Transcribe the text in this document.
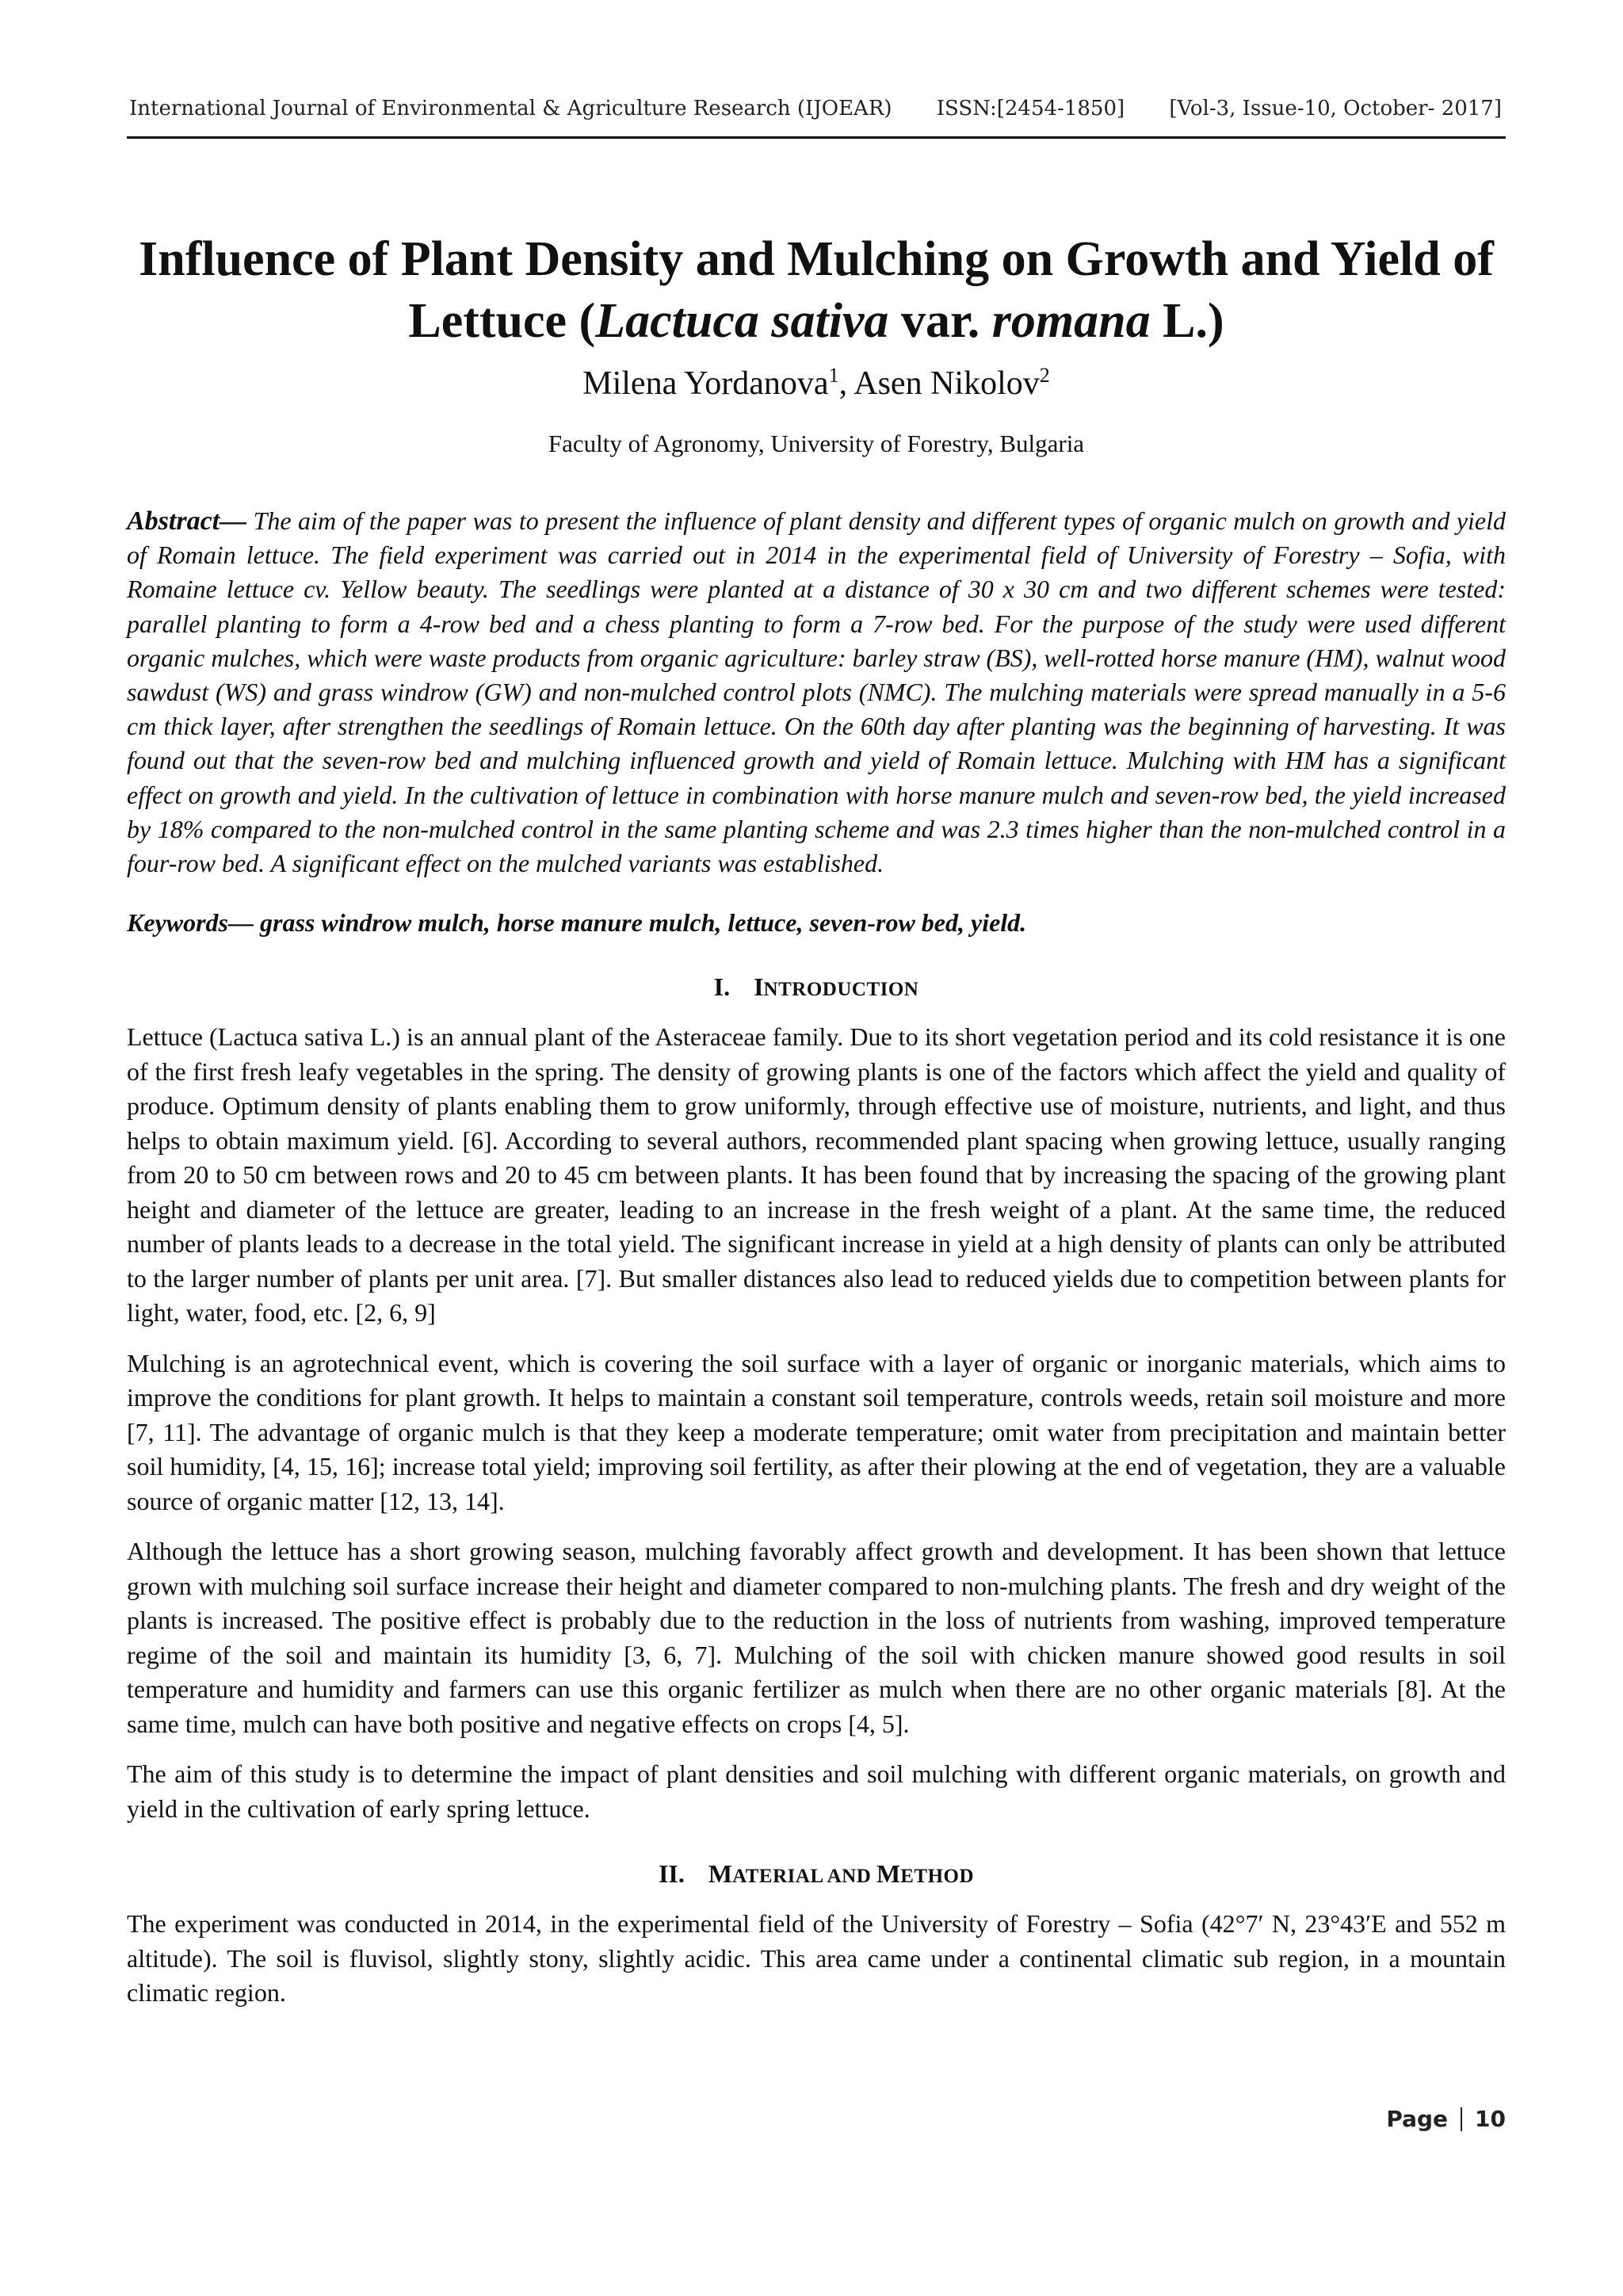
International Journal of Environmental & Agriculture Research (IJOEAR) ISSN:[2454-1850] [Vol-3, Issue-10, October- 2017]
Influence of Plant Density and Mulching on Growth and Yield of
Lettuce (Lactuca sativa var. romana L.)
Milena Yordanova$^1$, Asen Nikolov$^2$
Faculty of Agronomy, University of Forestry, Bulgaria

Abstract— The aim of the paper was to present the influence of plant density and different types of organic mulch on growth and yield of Romain lettuce. The field experiment was carried out in 2014 in the experimental field of University of Forestry – Sofia, with Romaine lettuce cv. Yellow beauty. The seedlings were planted at a distance of 30 x 30 cm and two different schemes were tested: parallel planting to form a 4-row bed and a chess planting to form a 7-row bed. For the purpose of the study were used different organic mulches, which were waste products from organic agriculture: barley straw (BS), well-rotted horse manure (HM), walnut wood sawdust (WS) and grass windrow (GW) and non-mulched control plots (NMC). The mulching materials were spread manually in a 5-6 cm thick layer, after strengthen the seedlings of Romain lettuce. On the 60th day after planting was the beginning of harvesting. It was found out that the seven-row bed and mulching influenced growth and yield of Romain lettuce. Mulching with HM has a significant effect on growth and yield. In the cultivation of lettuce in combination with horse manure mulch and seven-row bed, the yield increased by 18% compared to the non-mulched control in the same planting scheme and was 2.3 times higher than the non-mulched control in a four-row bed. A significant effect on the mulched variants was established.

Keywords— grass windrow mulch, horse manure mulch, lettuce, seven-row bed, yield.
I. INTRODUCTION

Lettuce (Lactuca sativa L.) is an annual plant of the Asteraceae family. Due to its short vegetation period and its cold resistance it is one of the first fresh leafy vegetables in the spring. The density of growing plants is one of the factors which affect the yield and quality of produce. Optimum density of plants enabling them to grow uniformly, through effective use of moisture, nutrients, and light, and thus helps to obtain maximum yield. [6]. According to several authors, recommended plant spacing when growing lettuce, usually ranging from 20 to 50 cm between rows and 20 to 45 cm between plants. It has been found that by increasing the spacing of the growing plant height and diameter of the lettuce are greater, leading to an increase in the fresh weight of a plant. At the same time, the reduced number of plants leads to a decrease in the total yield. The significant increase in yield at a high density of plants can only be attributed to the larger number of plants per unit area. [7]. But smaller distances also lead to reduced yields due to competition between plants for light, water, food, etc. [2, 6, 9]

Mulching is an agrotechnical event, which is covering the soil surface with a layer of organic or inorganic materials, which aims to improve the conditions for plant growth. It helps to maintain a constant soil temperature, controls weeds, retain soil moisture and more [7, 11]. The advantage of organic mulch is that they keep a moderate temperature; omit water from precipitation and maintain better soil humidity, [4, 15, 16]; increase total yield; improving soil fertility, as after their plowing at the end of vegetation, they are a valuable source of organic matter [12, 13, 14].

Although the lettuce has a short growing season, mulching favorably affect growth and development. It has been shown that lettuce grown with mulching soil surface increase their height and diameter compared to non-mulching plants. The fresh and dry weight of the plants is increased. The positive effect is probably due to the reduction in the loss of nutrients from washing, improved temperature regime of the soil and maintain its humidity [3, 6, 7]. Mulching of the soil with chicken manure showed good results in soil temperature and humidity and farmers can use this organic fertilizer as mulch when there are no other organic materials [8]. At the same time, mulch can have both positive and negative effects on crops [4, 5].

The aim of this study is to determine the impact of plant densities and soil mulching with different organic materials, on growth and yield in the cultivation of early spring lettuce.

II. MATERIAL AND METHOD

The experiment was conducted in 2014, in the experimental field of the University of Forestry – Sofia (42°7′ N, 23°43′E and 552 m altitude). The soil is fluvisol, slightly stony, slightly acidic. This area came under a continental climatic sub region, in a mountain climatic region.

Page 10
